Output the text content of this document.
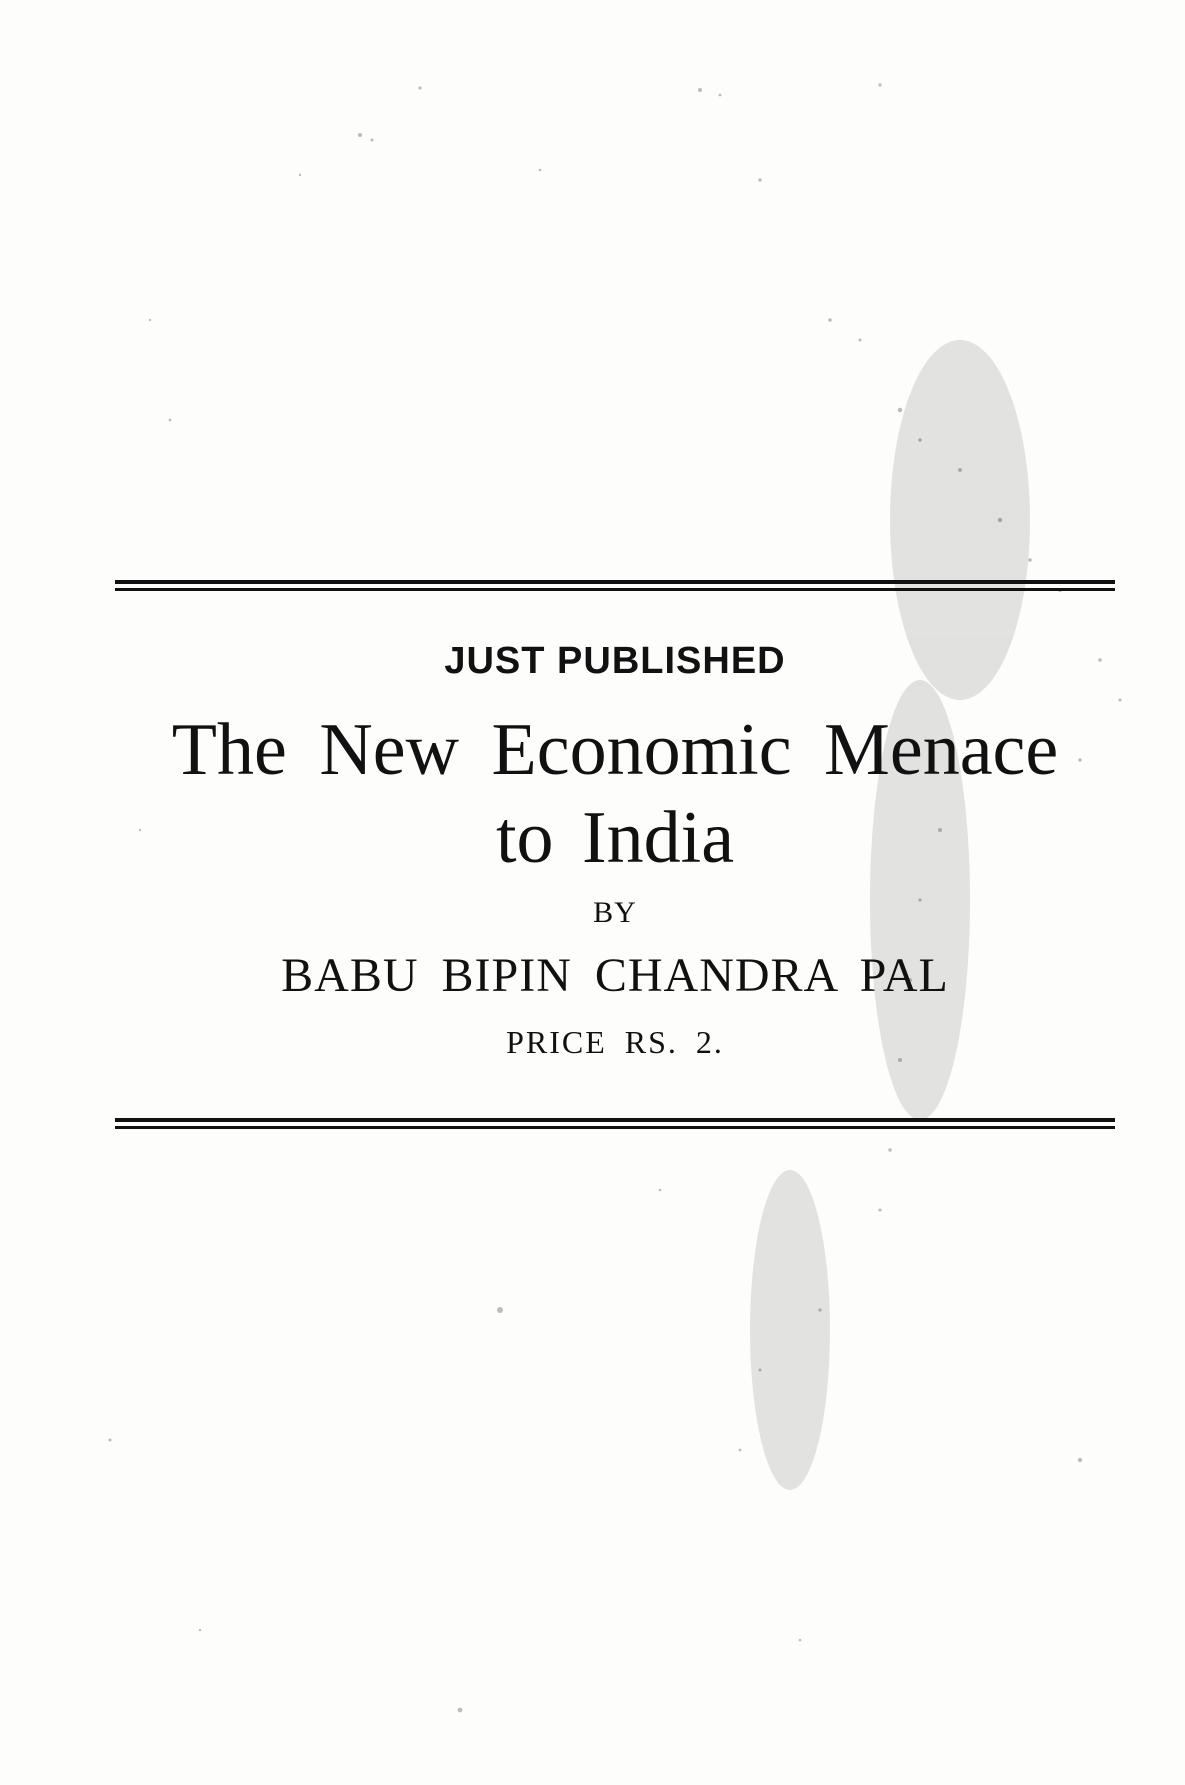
JUST PUBLISHED
The New Economic Menace
to India
BY
BABU BIPIN CHANDRA PAL
PRICE RS. 2.
